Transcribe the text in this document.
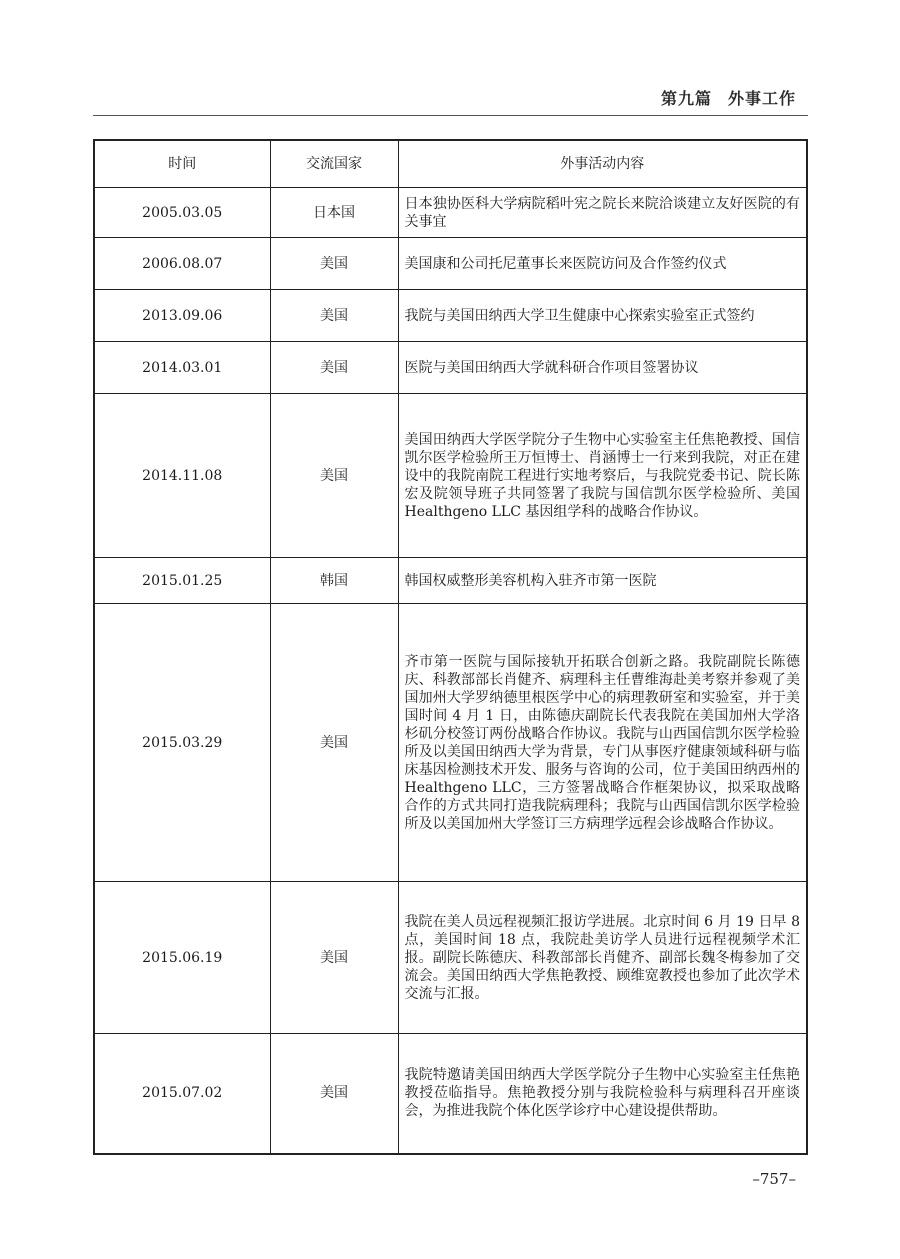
第九篇 外事工作
时间	交流国家	外事活动内容
2005.03.05	日本国	日本独协医科大学病院稻叶宪之院长来院洽谈建立友好医院的有关事宜
2006.08.07	美国	美国康和公司托尼董事长来医院访问及合作签约仪式
2013.09.06	美国	我院与美国田纳西大学卫生健康中心探索实验室正式签约
2014.03.01	美国	医院与美国田纳西大学就科研合作项目签署协议
2014.11.08	美国	美国田纳西大学医学院分子生物中心实验室主任焦艳教授、国信凯尔医学检验所王万恒博士、肖涵博士一行来到我院，对正在建设中的我院南院工程进行实地考察后，与我院党委书记、院长陈宏及院领导班子共同签署了我院与国信凯尔医学检验所、美国 Healthgeno LLC 基因组学科的战略合作协议。
2015.01.25	韩国	韩国权威整形美容机构入驻齐市第一医院
2015.03.29	美国	齐市第一医院与国际接轨开拓联合创新之路。我院副院长陈德庆、科教部部长肖健齐、病理科主任曹维海赴美考察并参观了美国加州大学罗纳德里根医学中心的病理教研室和实验室，并于美国时间 4 月 1 日，由陈德庆副院长代表我院在美国加州大学洛杉矶分校签订两份战略合作协议。我院与山西国信凯尔医学检验所及以美国田纳西大学为背景，专门从事医疗健康领域科研与临床基因检测技术开发、服务与咨询的公司，位于美国田纳西州的 Healthgeno LLC，三方签署战略合作框架协议，拟采取战略合作的方式共同打造我院病理科；我院与山西国信凯尔医学检验所及以美国加州大学签订三方病理学远程会诊战略合作协议。
2015.06.19	美国	我院在美人员远程视频汇报访学进展。北京时间 6 月 19 日早 8 点，美国时间 18 点，我院赴美访学人员进行远程视频学术汇报。副院长陈德庆、科教部部长肖健齐、副部长魏冬梅参加了交流会。美国田纳西大学焦艳教授、顾维宽教授也参加了此次学术交流与汇报。
2015.07.02	美国	我院特邀请美国田纳西大学医学院分子生物中心实验室主任焦艳教授莅临指导。焦艳教授分别与我院检验科与病理科召开座谈会，为推进我院个体化医学诊疗中心建设提供帮助。
–757–
